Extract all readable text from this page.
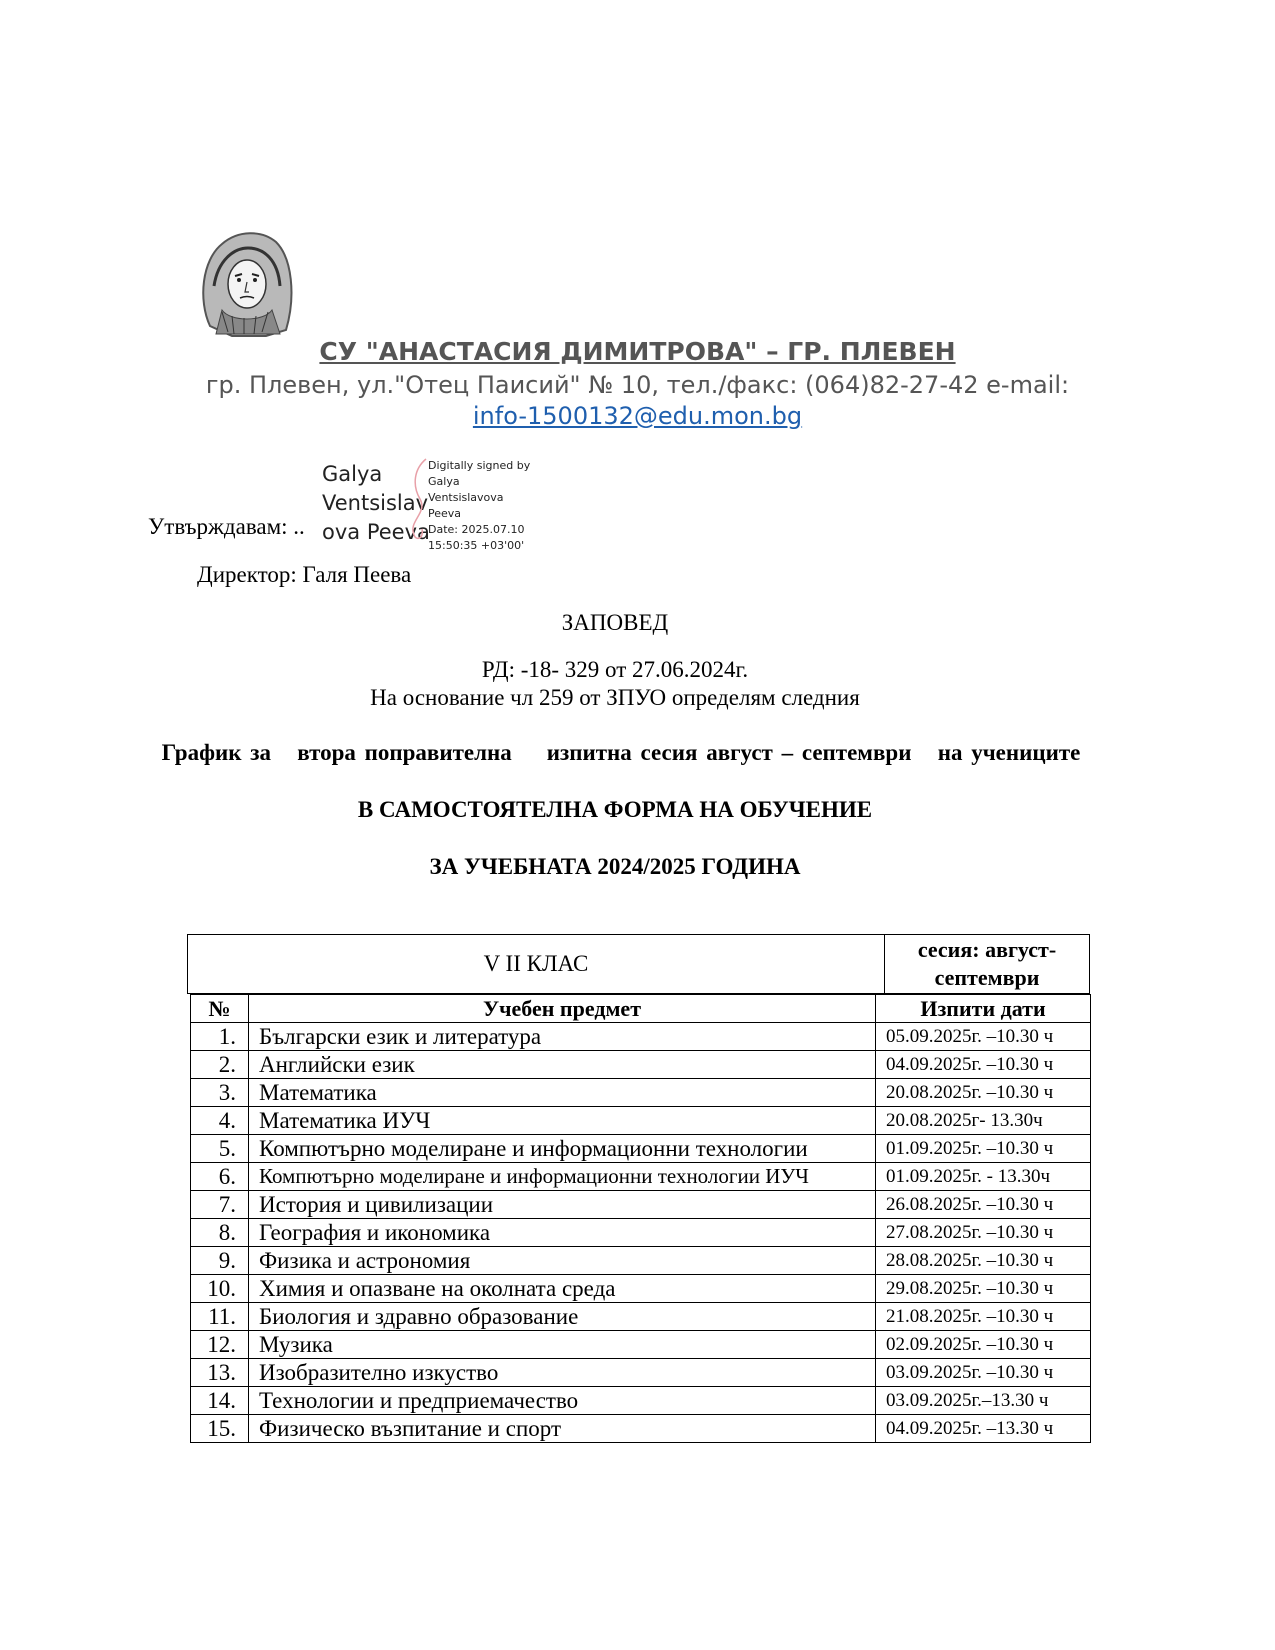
СУ "АНАСТАСИЯ ДИМИТРОВА" – ГР. ПЛЕВЕН
гр. Плевен, ул."Отец Паисий" № 10, тел./факс: (064)82-27-42 e-mail:
info-1500132@edu.mon.bg
Утвърждавам: ..
Galya
Ventsislav
ova Peeva
Digitally signed by
Galya
Ventsislavova
Peeva
Date: 2025.07.10
15:50:35 +03'00'
Директор: Галя Пеева
ЗАПОВЕД
РД: -18- 329 от 27.06.2024г.
На основание чл 259 от ЗПУО определям следния
График за   втора поправителна    изпитна сесия август – септември   на учениците
В САМОСТОЯТЕЛНА ФОРМА НА ОБУЧЕНИЕ
ЗА УЧЕБНАТА 2024/2025 ГОДИНА
V II КЛАС
сесия: август-
септември
№	Учебен предмет	Изпити дати
1.	Български език и литература	05.09.2025г. –10.30 ч
2.	Английски език	04.09.2025г. –10.30 ч
3.	Математика	20.08.2025г. –10.30 ч
4.	Математика ИУЧ	20.08.2025г- 13.30ч
5.	Компютърно моделиране и информационни технологии	01.09.2025г. –10.30 ч
6.	Компютърно моделиране и информационни технологии ИУЧ	01.09.2025г. - 13.30ч
7.	История и цивилизации	26.08.2025г. –10.30 ч
8.	География и икономика	27.08.2025г. –10.30 ч
9.	Физика и астрономия	28.08.2025г. –10.30 ч
10.	Химия и опазване на околната среда	29.08.2025г. –10.30 ч
11.	Биология и здравно образование	21.08.2025г. –10.30 ч
12.	Музика	02.09.2025г. –10.30 ч
13.	Изобразително изкуство	03.09.2025г. –10.30 ч
14.	Технологии и предприемачество	03.09.2025г.–13.30 ч
15.	Физическо възпитание и спорт	04.09.2025г. –13.30 ч
